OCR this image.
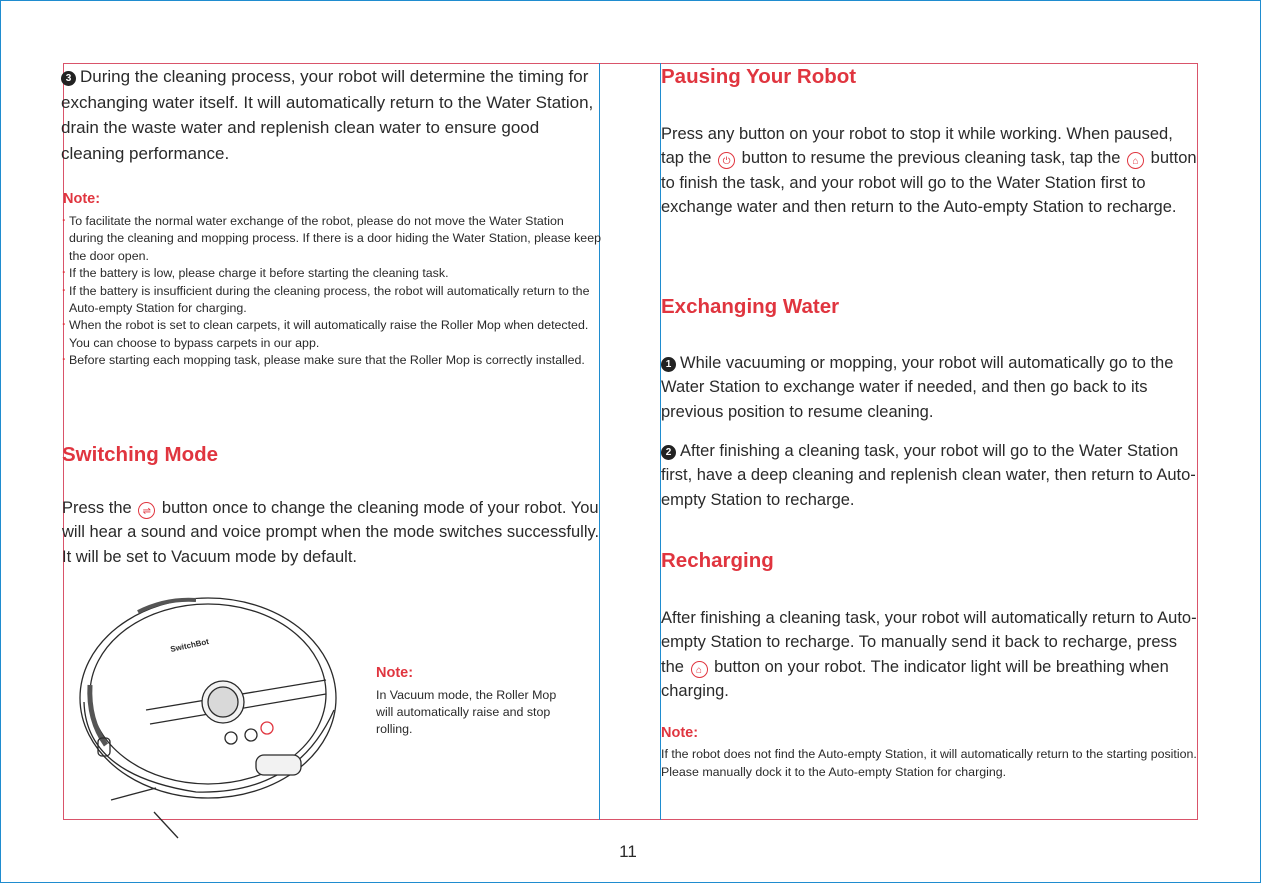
3 During the cleaning process, your robot will determine the timing for exchanging water itself. It will automatically return to the Water Station, drain the waste water and replenish clean water to ensure good cleaning performance.

Note:

· To facilitate the normal water exchange of the robot, please do not move the Water Station during the cleaning and mopping process. If there is a door hiding the Water Station, please keep the door open.
· If the battery is low, please charge it before starting the cleaning task.
· If the battery is insufficient during the cleaning process, the robot will automatically return to the Auto-empty Station for charging.
· When the robot is set to clean carpets, it will automatically raise the Roller Mop when detected. You can choose to bypass carpets in our app.
· Before starting each mopping task, please make sure that the Roller Mop is correctly installed.
Switching Mode

Press the ⇌ button once to change the cleaning mode of your robot. You will hear a sound and voice prompt when the mode switches successfully. It will be set to Vacuum mode by default.

SwitchBot

Note:

In Vacuum mode, the Roller Mop will automatically raise and stop rolling.

Pausing Your Robot

Press any button on your robot to stop it while working. When paused, tap the ⏻ button to resume the previous cleaning task, tap the ⌂ button to finish the task, and your robot will go to the Water Station first to exchange water and then return to the Auto-empty Station to recharge.

Exchanging Water

1 While vacuuming or mopping, your robot will automatically go to the Water Station to exchange water if needed, and then go back to its previous position to resume cleaning.

2 After finishing a cleaning task, your robot will go to the Water Station first, have a deep cleaning and replenish clean water, then return to Auto-empty Station to recharge.

Recharging

After finishing a cleaning task, your robot will automatically return to Auto-empty Station to recharge. To manually send it back to recharge, press the ⌂ button on your robot. The indicator light will be breathing when charging.

Note:

If the robot does not find the Auto-empty Station, it will automatically return to the starting position. Please manually dock it to the Auto-empty Station for charging.

11
